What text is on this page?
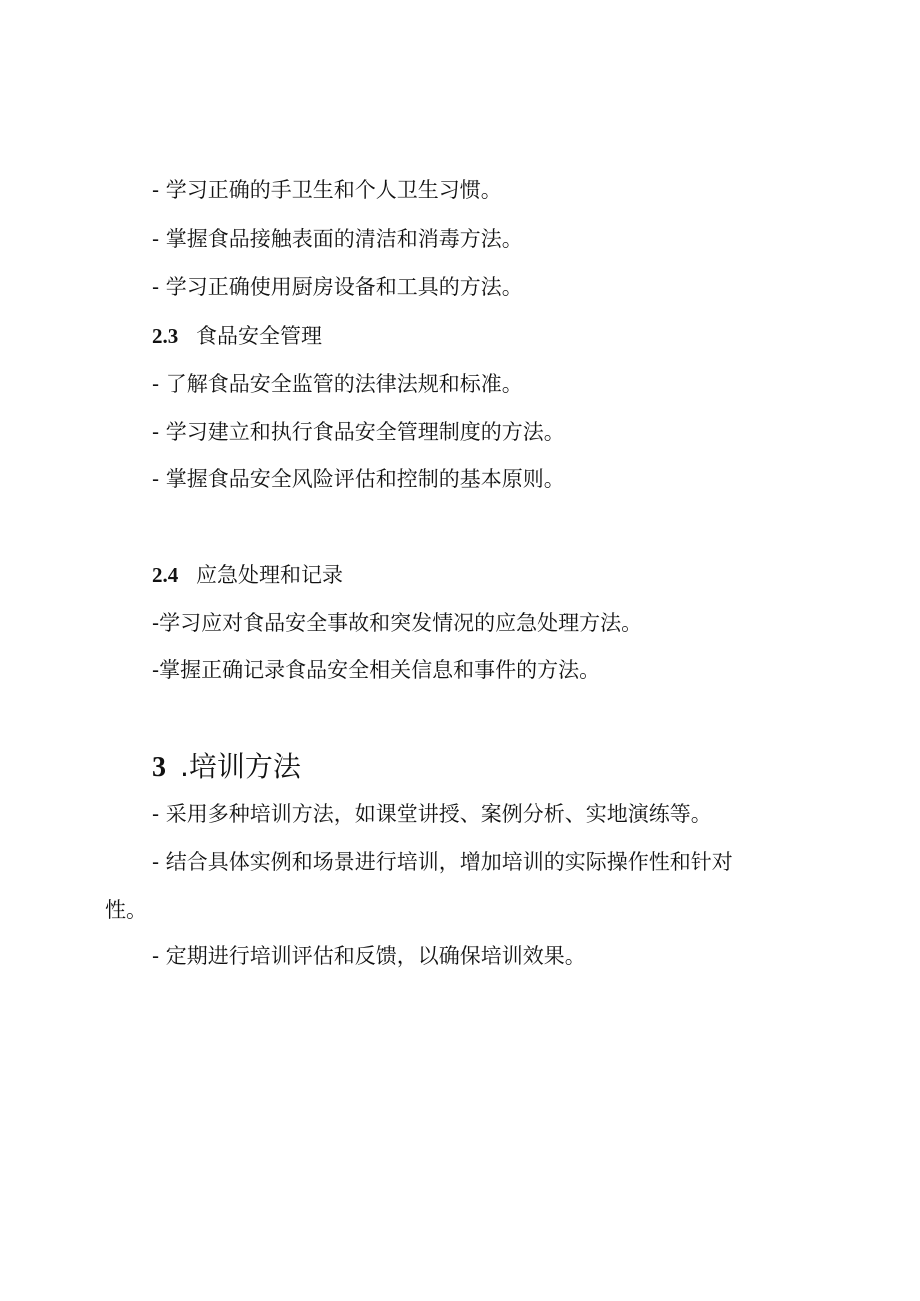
- 学习正确的手卫生和个人卫生习惯。
- 掌握食品接触表面的清洁和消毒方法。
- 学习正确使用厨房设备和工具的方法。
2.3 食品安全管理
- 了解食品安全监管的法律法规和标准。
- 学习建立和执行食品安全管理制度的方法。
- 掌握食品安全风险评估和控制的基本原则。
2.4 应急处理和记录
-学习应对食品安全事故和突发情况的应急处理方法。
-掌握正确记录食品安全相关信息和事件的方法。
3 .培训方法
- 采用多种培训方法，如课堂讲授、案例分析、实地演练等。
- 结合具体实例和场景进行培训，增加培训的实际操作性和针对
性。
- 定期进行培训评估和反馈，以确保培训效果。
